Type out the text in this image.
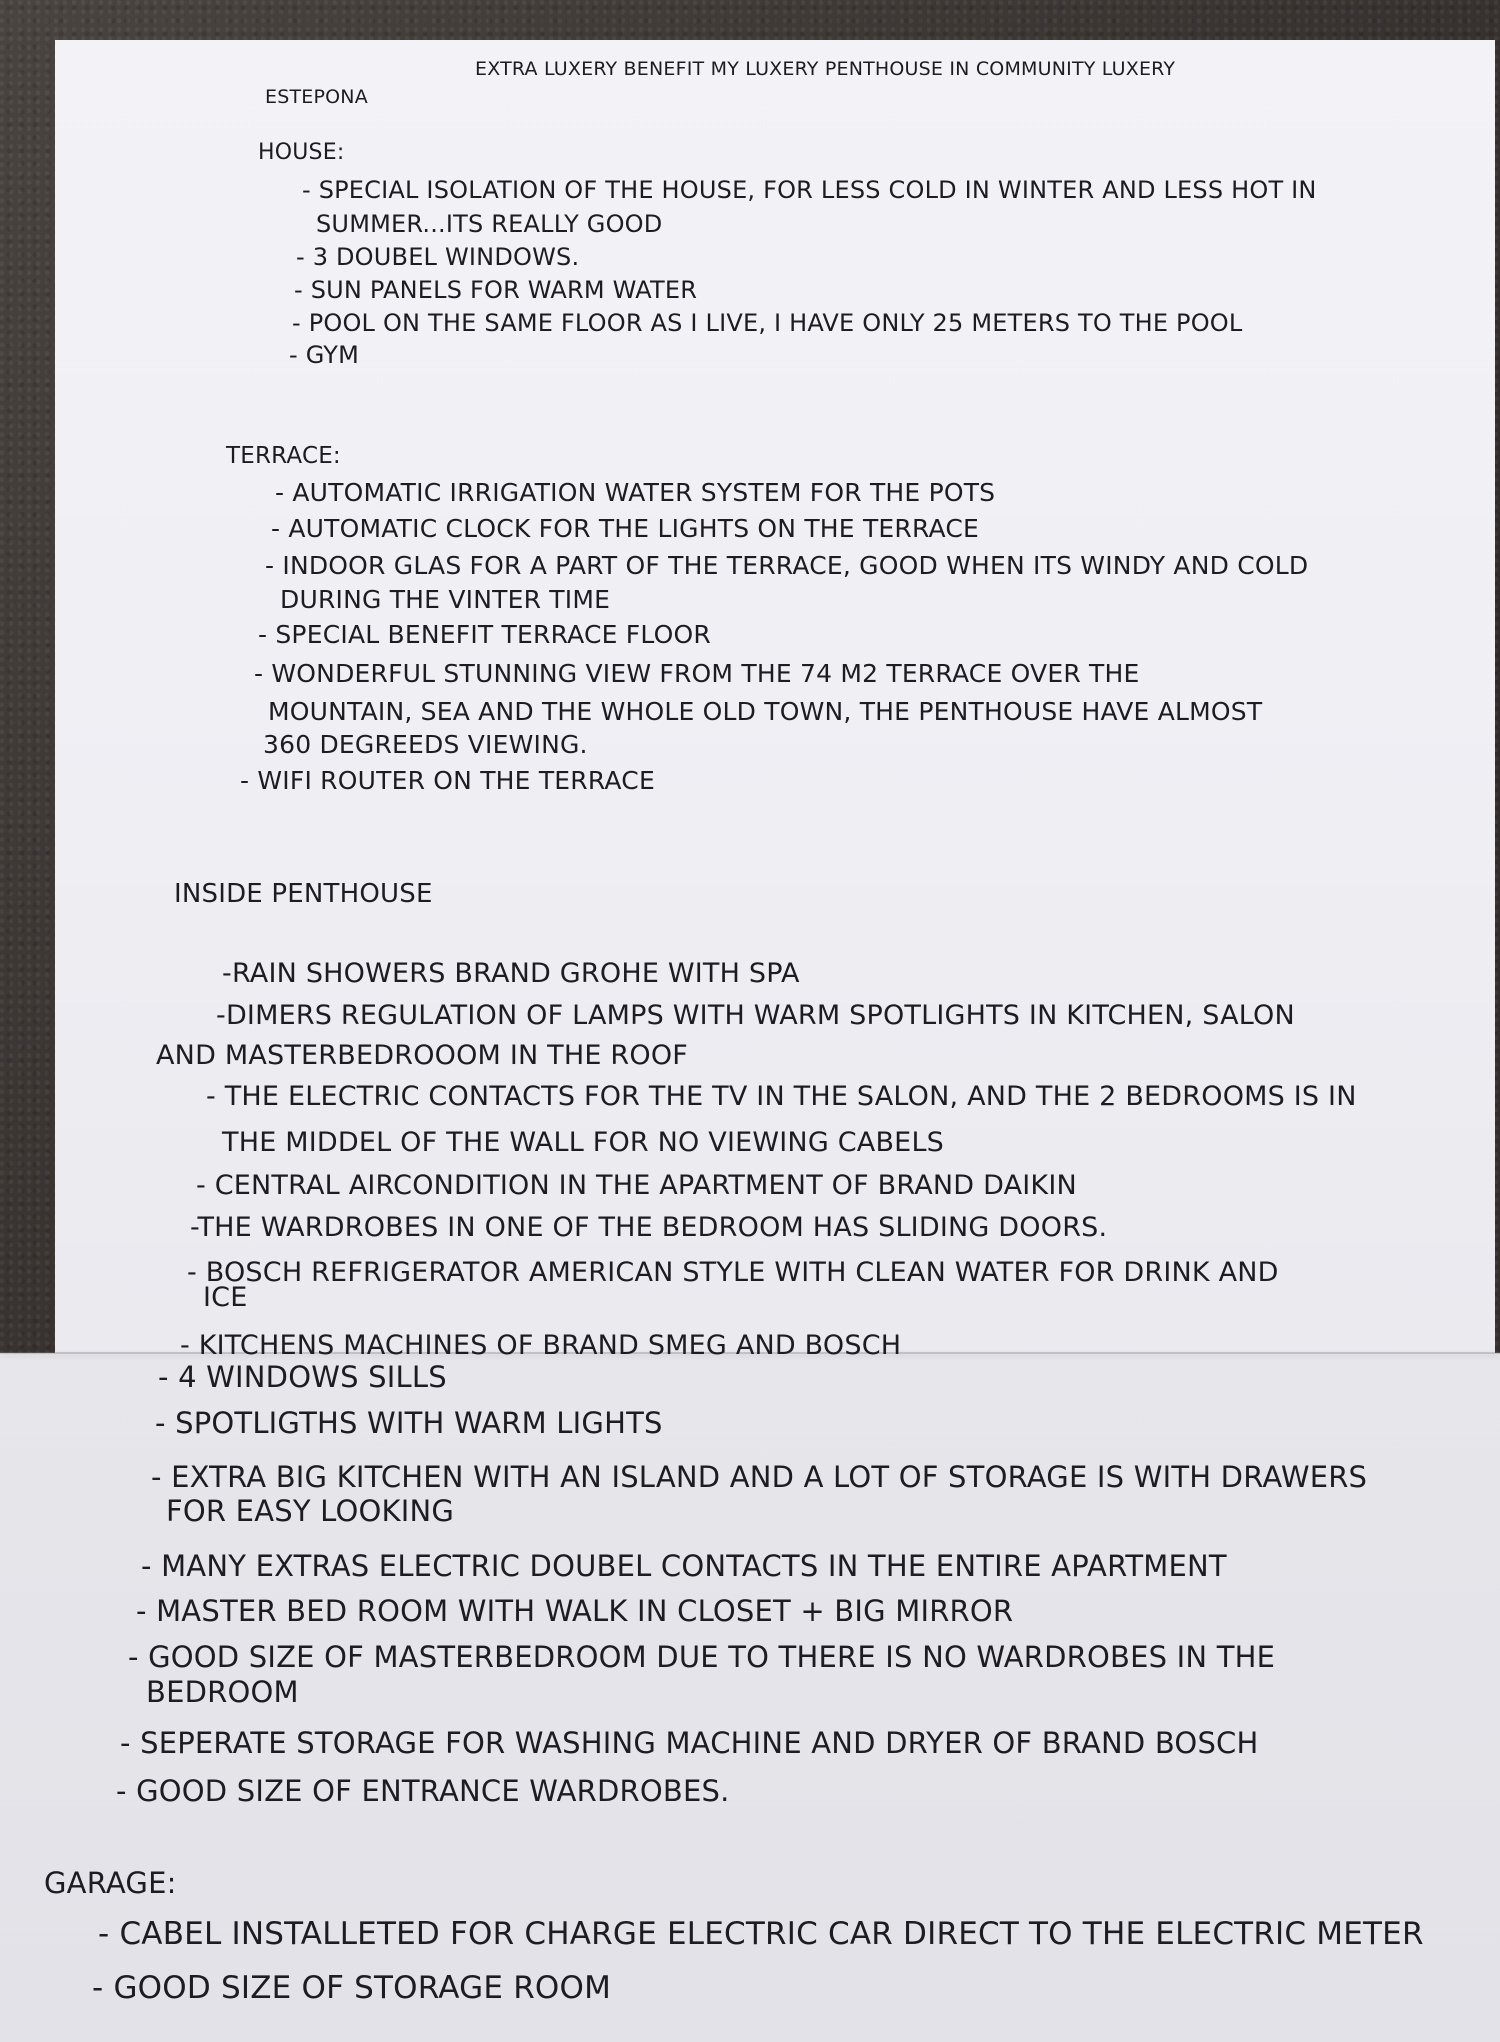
EXTRA LUXERY BENEFIT MY LUXERY PENTHOUSE IN COMMUNITY LUXERY
ESTEPONA
HOUSE:
- SPECIAL ISOLATION OF THE HOUSE, FOR LESS COLD IN WINTER AND LESS HOT IN
SUMMER...ITS REALLY GOOD
- 3 DOUBEL WINDOWS.
- SUN PANELS FOR WARM WATER
- POOL ON THE SAME FLOOR AS I LIVE, I HAVE ONLY 25 METERS TO THE POOL
- GYM
TERRACE:
- AUTOMATIC IRRIGATION WATER SYSTEM FOR THE POTS
- AUTOMATIC CLOCK FOR THE LIGHTS ON THE TERRACE
- INDOOR GLAS FOR A PART OF THE TERRACE, GOOD WHEN ITS WINDY AND COLD
DURING THE VINTER TIME
- SPECIAL BENEFIT TERRACE FLOOR
- WONDERFUL STUNNING VIEW FROM THE 74 M2 TERRACE OVER THE
MOUNTAIN, SEA AND THE WHOLE OLD TOWN, THE PENTHOUSE HAVE ALMOST
360 DEGREEDS VIEWING.
- WIFI ROUTER ON THE TERRACE
INSIDE PENTHOUSE
-RAIN SHOWERS BRAND GROHE WITH SPA
-DIMERS REGULATION OF LAMPS WITH WARM SPOTLIGHTS IN KITCHEN, SALON
AND MASTERBEDROOOM IN THE ROOF
- THE ELECTRIC CONTACTS FOR THE TV IN THE SALON, AND THE 2 BEDROOMS IS IN
THE MIDDEL OF THE WALL FOR NO VIEWING CABELS
- CENTRAL AIRCONDITION IN THE APARTMENT OF BRAND DAIKIN
-THE WARDROBES IN ONE OF THE BEDROOM HAS SLIDING DOORS.
- BOSCH REFRIGERATOR AMERICAN STYLE WITH CLEAN WATER FOR DRINK AND
ICE
- KITCHENS MACHINES OF BRAND SMEG AND BOSCH
- 4 WINDOWS SILLS
- SPOTLIGTHS WITH WARM LIGHTS
- EXTRA BIG KITCHEN WITH AN ISLAND AND A LOT OF STORAGE IS WITH DRAWERS
FOR EASY LOOKING
- MANY EXTRAS ELECTRIC DOUBEL CONTACTS IN THE ENTIRE APARTMENT
- MASTER BED ROOM WITH WALK IN CLOSET + BIG MIRROR
- GOOD SIZE OF MASTERBEDROOM DUE TO THERE IS NO WARDROBES IN THE
BEDROOM
- SEPERATE STORAGE FOR WASHING MACHINE AND DRYER OF BRAND BOSCH
- GOOD SIZE OF ENTRANCE WARDROBES.
GARAGE:
- CABEL INSTALLETED FOR CHARGE ELECTRIC CAR DIRECT TO THE ELECTRIC METER
- GOOD SIZE OF STORAGE ROOM
